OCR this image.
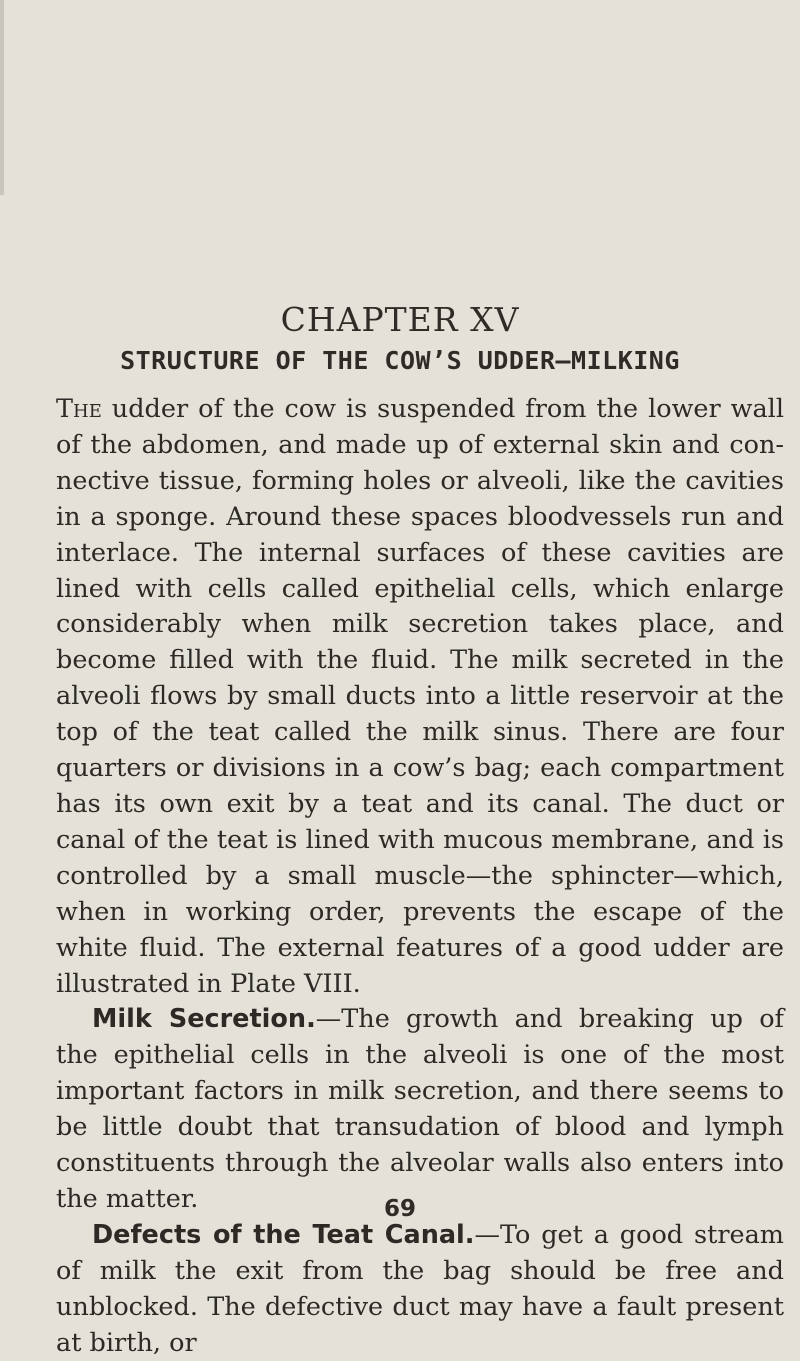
CHAPTER XV
STRUCTURE OF THE COW’S UDDER—MILKING

The udder of the cow is suspended from the lower wall of the abdomen, and made up of external skin and con-nective tissue, forming holes or alveoli, like the cavities in a sponge. Around these spaces bloodvessels run and interlace. The internal surfaces of these cavities are lined with cells called epithelial cells, which enlarge considerably when milk secretion takes place, and become filled with the fluid. The milk secreted in the alveoli flows by small ducts into a little reservoir at the top of the teat called the milk sinus. There are four quarters or divisions in a cow’s bag; each compartment has its own exit by a teat and its canal. The duct or canal of the teat is lined with mucous membrane, and is controlled by a small muscle—the sphincter—which, when in working order, prevents the escape of the white fluid. The external features of a good udder are illustrated in Plate VIII.

Milk Secretion.—The growth and breaking up of the epithelial cells in the alveoli is one of the most important factors in milk secretion, and there seems to be little doubt that transudation of blood and lymph constituents through the alveolar walls also enters into the matter.

Defects of the Teat Canal.—To get a good stream of milk the exit from the bag should be free and unblocked. The defective duct may have a fault present at birth, or

69
